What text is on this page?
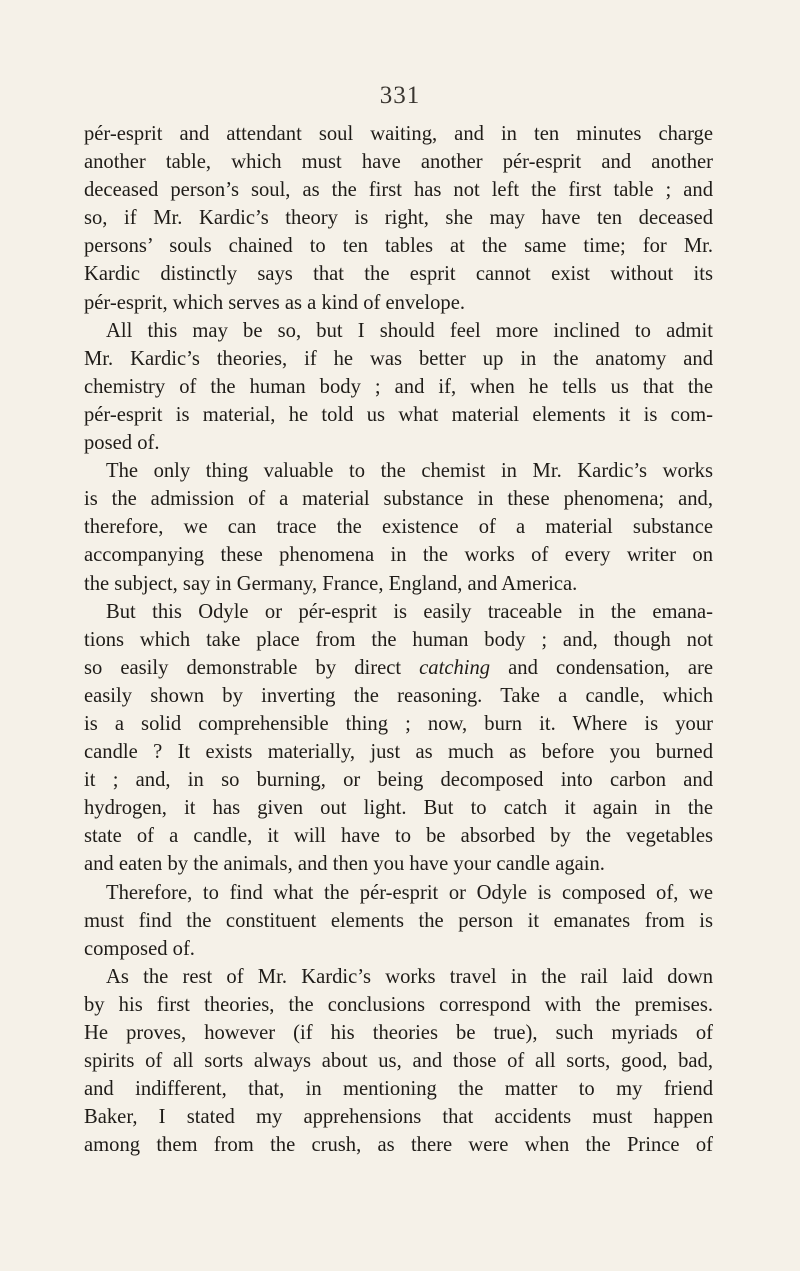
331
pér-esprit and attendant soul waiting, and in ten minutes charge
another table, which must have another pér-esprit and another
deceased person’s soul, as the first has not left the first table ; and
so, if Mr. Kardic’s theory is right, she may have ten deceased
persons’ souls chained to ten tables at the same time; for Mr.
Kardic distinctly says that the esprit cannot exist without its
pér-esprit, which serves as a kind of envelope.
All this may be so, but I should feel more inclined to admit
Mr. Kardic’s theories, if he was better up in the anatomy and
chemistry of the human body ; and if, when he tells us that the
pér-esprit is material, he told us what material elements it is com-
posed of.
The only thing valuable to the chemist in Mr. Kardic’s works
is the admission of a material substance in these phenomena; and,
therefore, we can trace the existence of a material substance
accompanying these phenomena in the works of every writer on
the subject, say in Germany, France, England, and America.
But this Odyle or pér-esprit is easily traceable in the emana-
tions which take place from the human body ; and, though not
so easily demonstrable by direct catching and condensation, are
easily shown by inverting the reasoning. Take a candle, which
is a solid comprehensible thing ; now, burn it. Where is your
candle ? It exists materially, just as much as before you burned
it ; and, in so burning, or being decomposed into carbon and
hydrogen, it has given out light. But to catch it again in the
state of a candle, it will have to be absorbed by the vegetables
and eaten by the animals, and then you have your candle again.
Therefore, to find what the pér-esprit or Odyle is composed of, we
must find the constituent elements the person it emanates from is
composed of.
As the rest of Mr. Kardic’s works travel in the rail laid down
by his first theories, the conclusions correspond with the premises.
He proves, however (if his theories be true), such myriads of
spirits of all sorts always about us, and those of all sorts, good, bad,
and indifferent, that, in mentioning the matter to my friend
Baker, I stated my apprehensions that accidents must happen
among them from the crush, as there were when the Prince of
